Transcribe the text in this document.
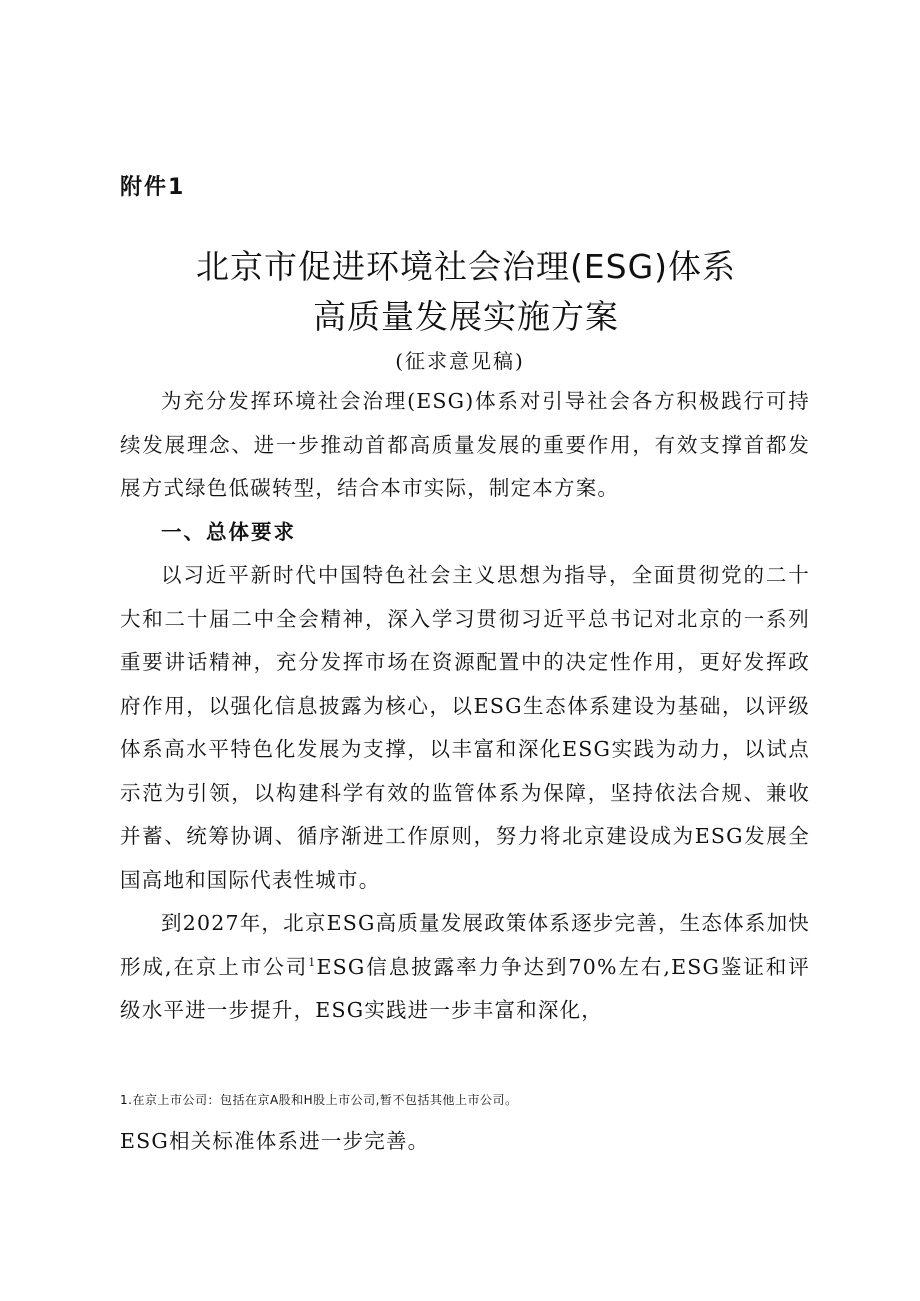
附件1
北京市促进环境社会治理(ESG)体系
高质量发展实施方案
(征求意见稿)

为充分发挥环境社会治理(ESG)体系对引导社会各方积极践行可持续发展理念、进一步推动首都高质量发展的重要作用，有效支撑首都发展方式绿色低碳转型，结合本市实际，制定本方案。

一、总体要求

以习近平新时代中国特色社会主义思想为指导，全面贯彻党的二十大和二十届二中全会精神，深入学习贯彻习近平总书记对北京的一系列重要讲话精神，充分发挥市场在资源配置中的决定性作用，更好发挥政府作用，以强化信息披露为核心，以ESG生态体系建设为基础，以评级体系高水平特色化发展为支撑，以丰富和深化ESG实践为动力，以试点示范为引领，以构建科学有效的监管体系为保障，坚持依法合规、兼收并蓄、统筹协调、循序渐进工作原则，努力将北京建设成为ESG发展全国高地和国际代表性城市。

到2027年，北京ESG高质量发展政策体系逐步完善，生态体系加快形成,在京上市公司$^1$ESG信息披露率力争达到70%左右,ESG鉴证和评级水平进一步提升，ESG实践进一步丰富和深化，

1.在京上市公司：包括在京A股和H股上市公司,暂不包括其他上市公司。
ESG相关标准体系进一步完善。
